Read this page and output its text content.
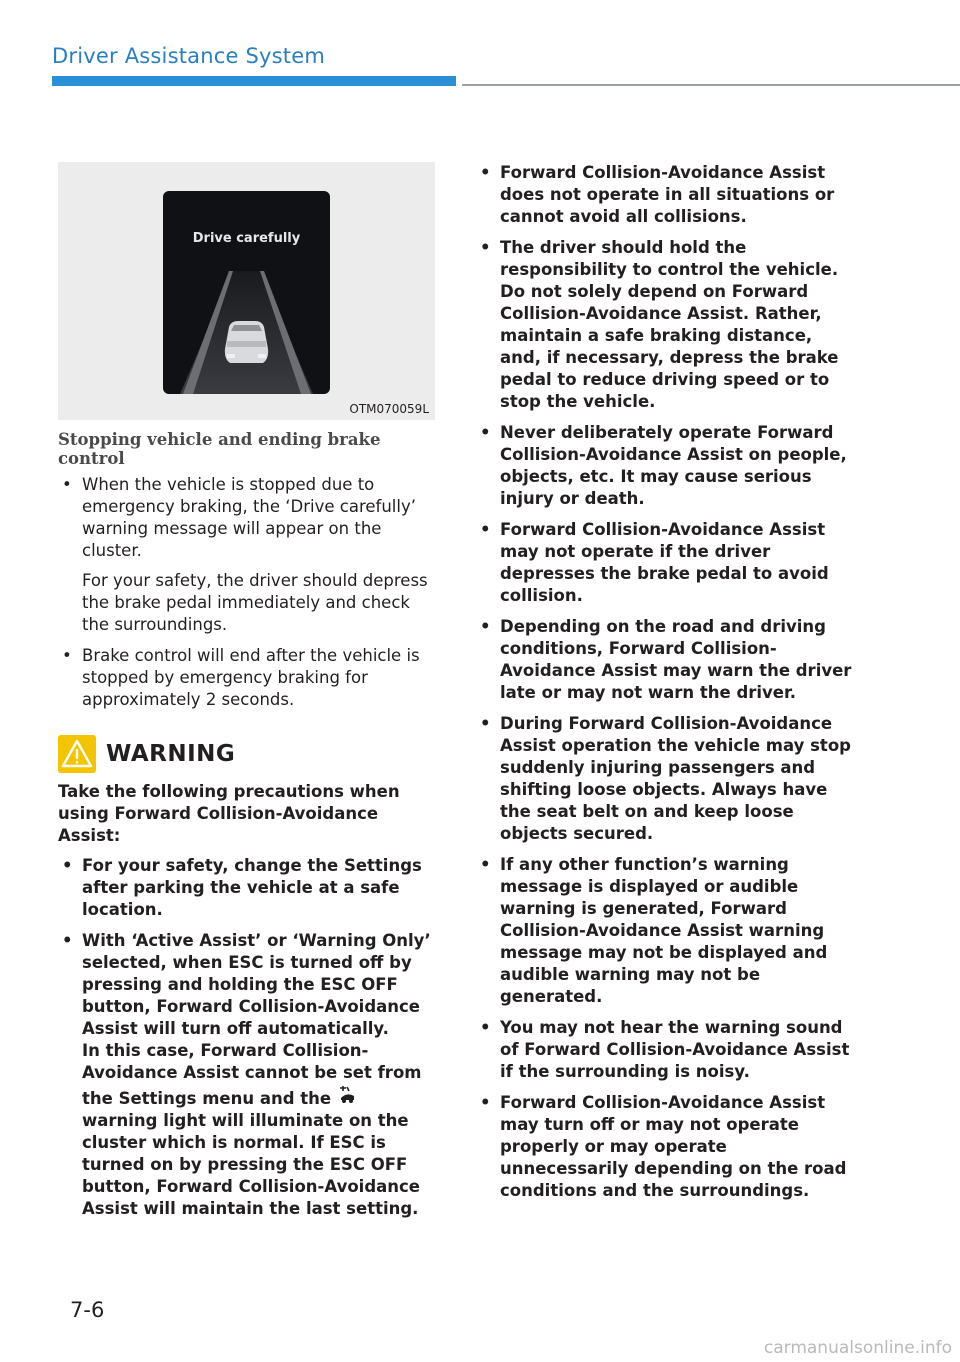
Driver Assistance System
Drive carefully
OTM070059L
Stopping vehicle and ending brake control
• When the vehicle is stopped due to emergency braking, the ‘Drive carefully’ warning message will appear on the cluster.
For your safety, the driver should depress the brake pedal immediately and check the surroundings.
• Brake control will end after the vehicle is stopped by emergency braking for approximately 2 seconds.
WARNING
Take the following precautions when using Forward Collision-Avoidance Assist:
• For your safety, change the Settings after parking the vehicle at a safe location.
• With ‘Active Assist’ or ‘Warning Only’ selected, when ESC is turned off by pressing and holding the ESC OFF button, Forward Collision-Avoidance Assist will turn off automatically.
In this case, Forward Collision-Avoidance Assist cannot be set from the Settings menu and the  warning light will illuminate on the cluster which is normal. If ESC is turned on by pressing the ESC OFF button, Forward Collision-Avoidance Assist will maintain the last setting.
• Forward Collision-Avoidance Assist does not operate in all situations or cannot avoid all collisions.
• The driver should hold the responsibility to control the vehicle. Do not solely depend on Forward Collision-Avoidance Assist. Rather, maintain a safe braking distance, and, if necessary, depress the brake pedal to reduce driving speed or to stop the vehicle.
• Never deliberately operate Forward Collision-Avoidance Assist on people, objects, etc. It may cause serious injury or death.
• Forward Collision-Avoidance Assist may not operate if the driver depresses the brake pedal to avoid collision.
• Depending on the road and driving conditions, Forward Collision-Avoidance Assist may warn the driver late or may not warn the driver.
• During Forward Collision-Avoidance Assist operation the vehicle may stop suddenly injuring passengers and shifting loose objects. Always have the seat belt on and keep loose objects secured.
• If any other function’s warning message is displayed or audible warning is generated, Forward Collision-Avoidance Assist warning message may not be displayed and audible warning may not be generated.
• You may not hear the warning sound of Forward Collision-Avoidance Assist if the surrounding is noisy.
• Forward Collision-Avoidance Assist may turn off or may not operate properly or may operate unnecessarily depending on the road conditions and the surroundings.
7-6
carmanualsonline.info
